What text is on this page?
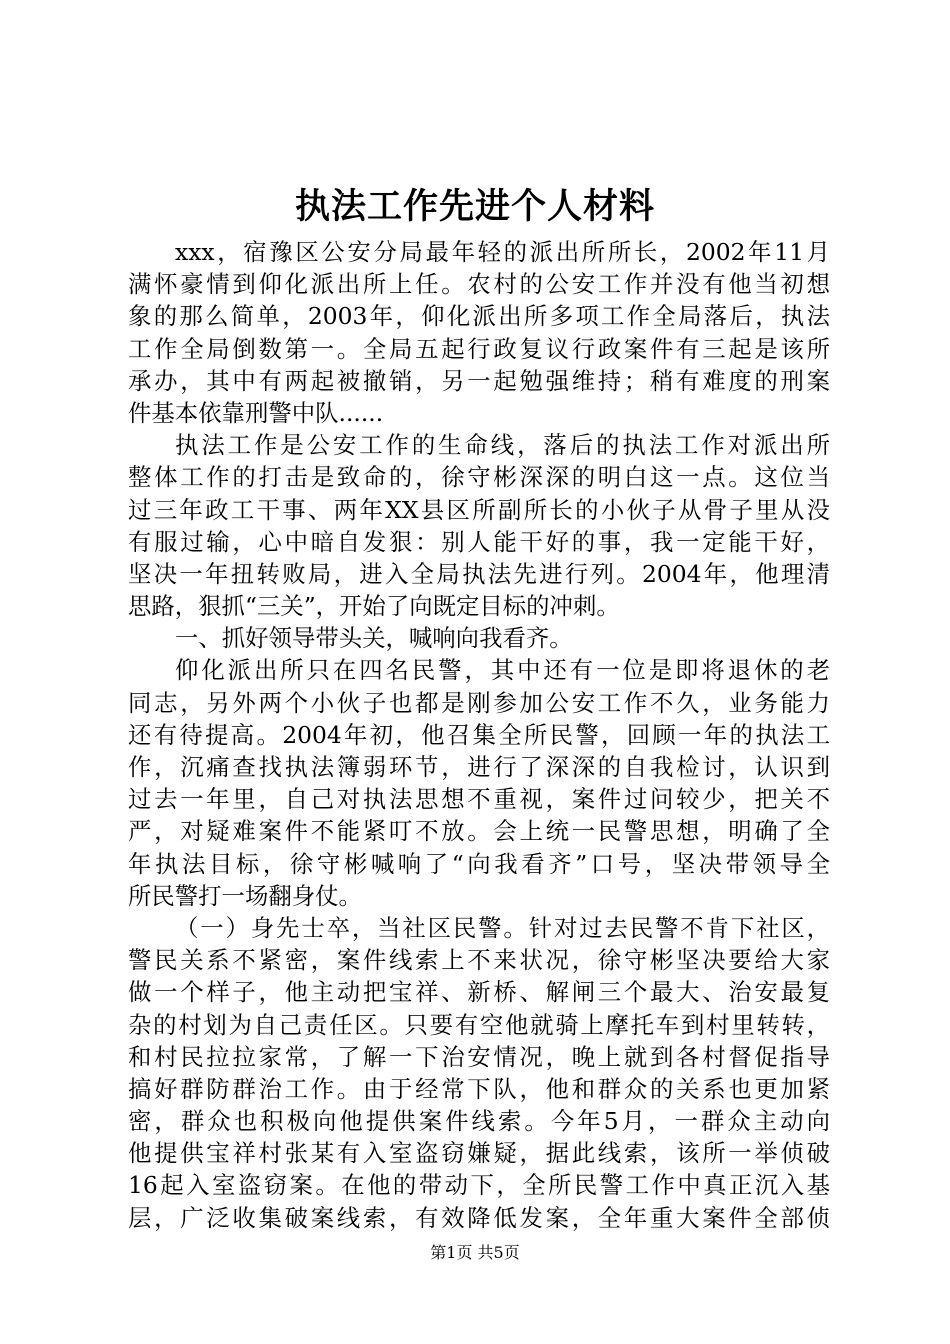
执法工作先进个人材料
xxx，宿豫区公安分局最年轻的派出所所长，2002年11月
满怀豪情到仰化派出所上任。农村的公安工作并没有他当初想
象的那么简单，2003年，仰化派出所多项工作全局落后，执法
工作全局倒数第一。全局五起行政复议行政案件有三起是该所
承办，其中有两起被撤销，另一起勉强维持；稍有难度的刑案
件基本依靠刑警中队......
执法工作是公安工作的生命线，落后的执法工作对派出所
整体工作的打击是致命的，徐守彬深深的明白这一点。这位当
过三年政工干事、两年XX县区所副所长的小伙子从骨子里从没
有服过输，心中暗自发狠：别人能干好的事，我一定能干好，
坚决一年扭转败局，进入全局执法先进行列。2004年，他理清
思路，狠抓“三关”，开始了向既定目标的冲刺。
一、抓好领导带头关，喊响向我看齐。
仰化派出所只在四名民警，其中还有一位是即将退休的老
同志，另外两个小伙子也都是刚参加公安工作不久，业务能力
还有待提高。2004年初，他召集全所民警，回顾一年的执法工
作，沉痛查找执法簿弱环节，进行了深深的自我检讨，认识到
过去一年里，自己对执法思想不重视，案件过问较少，把关不
严，对疑难案件不能紧叮不放。会上统一民警思想，明确了全
年执法目标，徐守彬喊响了“向我看齐”口号，坚决带领导全
所民警打一场翻身仗。
（一）身先士卒，当社区民警。针对过去民警不肯下社区，
警民关系不紧密，案件线索上不来状况，徐守彬坚决要给大家
做一个样子，他主动把宝祥、新桥、解闸三个最大、治安最复
杂的村划为自己责任区。只要有空他就骑上摩托车到村里转转，
和村民拉拉家常，了解一下治安情况，晚上就到各村督促指导
搞好群防群治工作。由于经常下队，他和群众的关系也更加紧
密，群众也积极向他提供案件线索。今年5月，一群众主动向
他提供宝祥村张某有入室盗窃嫌疑，据此线索，该所一举侦破
16起入室盗窃案。在他的带动下，全所民警工作中真正沉入基
层，广泛收集破案线索，有效降低发案，全年重大案件全部侦
第1页 共5页
